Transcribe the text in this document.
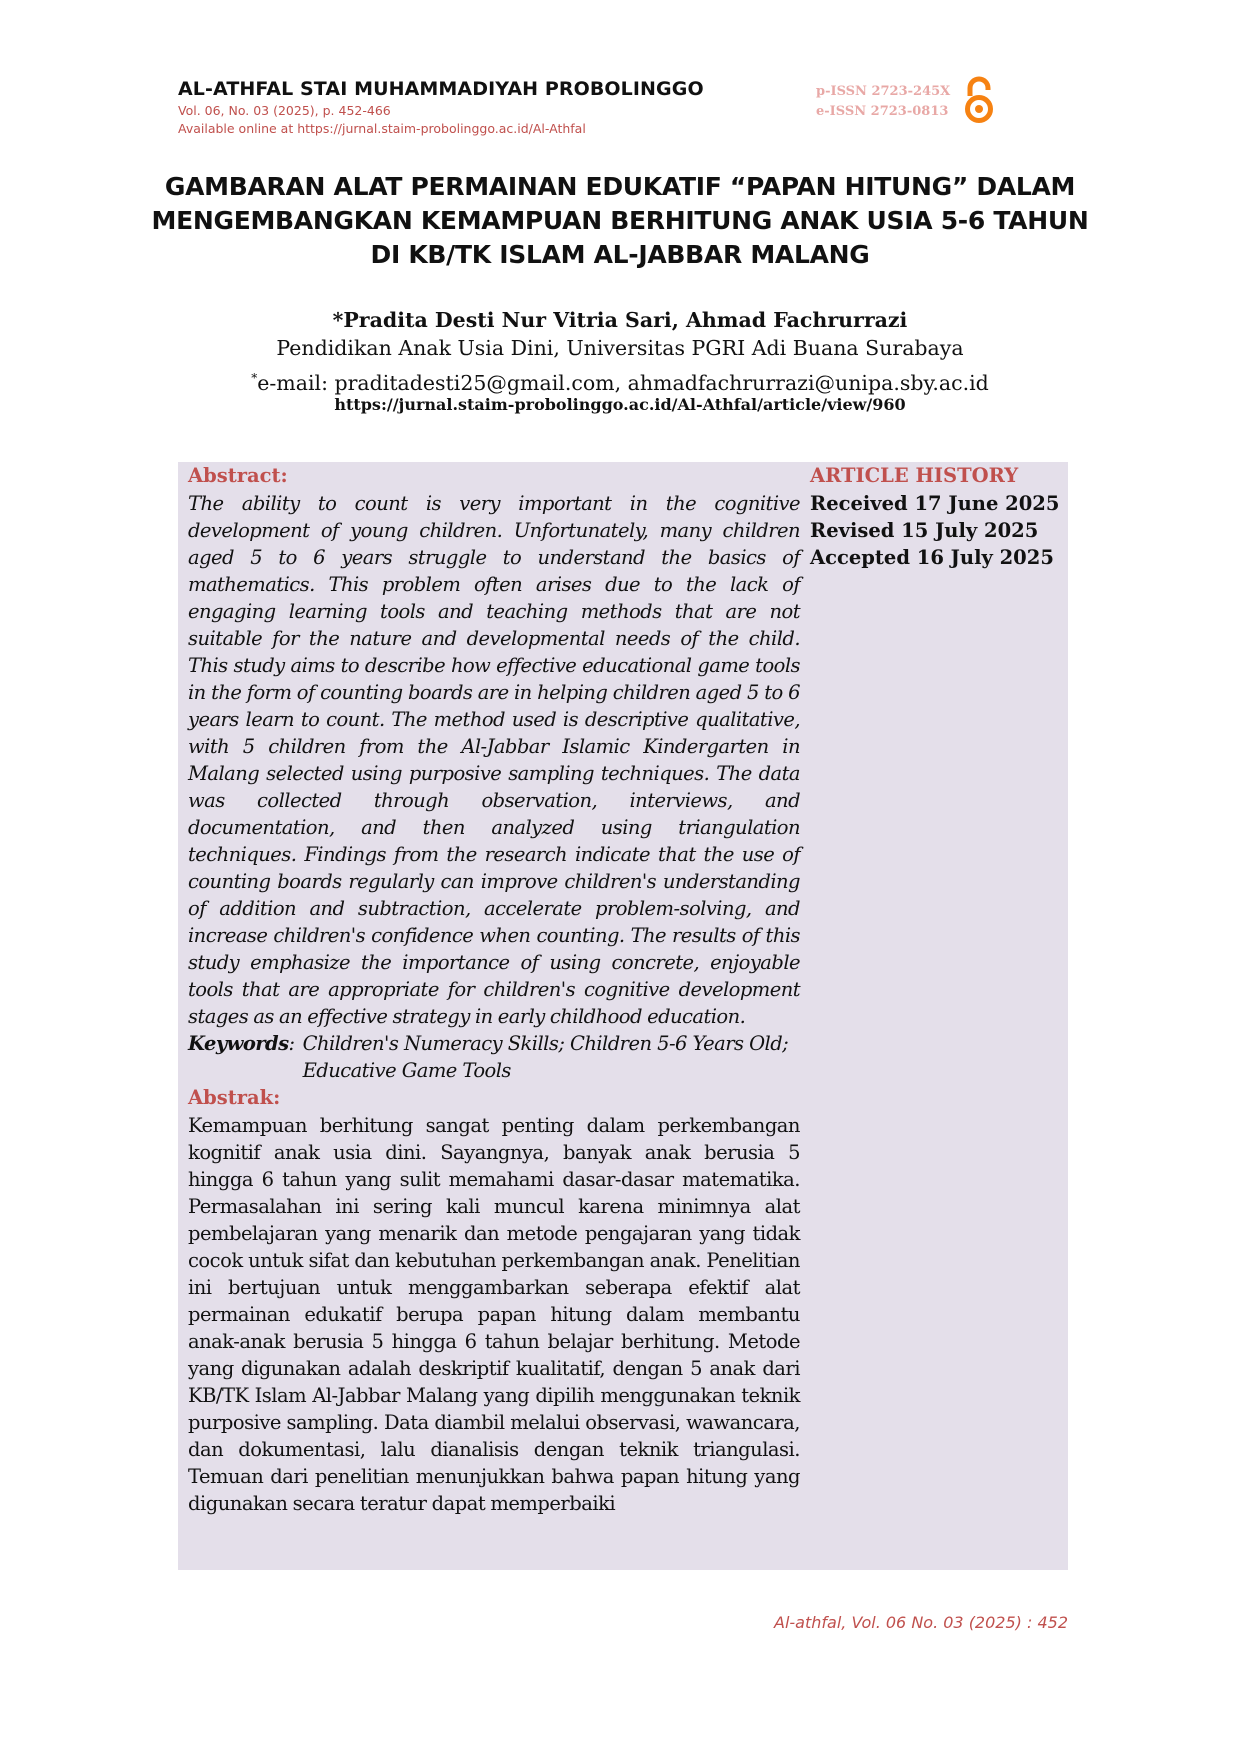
AL-ATHFAL STAI MUHAMMADIYAH PROBOLINGGO

Vol. 06, No. 03 (2025), p. 452-466

Available online at https://jurnal.staim-probolinggo.ac.id/Al-Athfal

p-ISSN 2723-245X
e-ISSN 2723-0813
GAMBARAN ALAT PERMAINAN EDUKATIF “PAPAN HITUNG” DALAM MENGEMBANGKAN KEMAMPUAN BERHITUNG ANAK USIA 5-6 TAHUN DI KB/TK ISLAM AL-JABBAR MALANG

*Pradita Desti Nur Vitria Sari, Ahmad Fachrurrazi

Pendidikan Anak Usia Dini, Universitas PGRI Adi Buana Surabaya

*e-mail: praditadesti25@gmail.com, ahmadfachrurrazi@unipa.sby.ac.id

https://jurnal.staim-probolinggo.ac.id/Al-Athfal/article/view/960

Abstract:

The ability to count is very important in the cognitive development of young children. Unfortunately, many children aged 5 to 6 years struggle to understand the basics of mathematics. This problem often arises due to the lack of engaging learning tools and teaching methods that are not suitable for the nature and developmental needs of the child. This study aims to describe how effective educational game tools in the form of counting boards are in helping children aged 5 to 6 years learn to count. The method used is descriptive qualitative, with 5 children from the Al-Jabbar Islamic Kindergarten in Malang selected using purposive sampling techniques. The data was collected through observation, interviews, and documentation, and then analyzed using triangulation techniques. Findings from the research indicate that the use of counting boards regularly can improve children's understanding of addition and subtraction, accelerate problem-solving, and increase children's confidence when counting. The results of this study emphasize the importance of using concrete, enjoyable tools that are appropriate for children's cognitive development stages as an effective strategy in early childhood education.

Keywords: Children's Numeracy Skills; Children 5-6 Years Old; Educative Game Tools

Abstrak:

Kemampuan berhitung sangat penting dalam perkembangan kognitif anak usia dini. Sayangnya, banyak anak berusia 5 hingga 6 tahun yang sulit memahami dasar-dasar matematika. Permasalahan ini sering kali muncul karena minimnya alat pembelajaran yang menarik dan metode pengajaran yang tidak cocok untuk sifat dan kebutuhan perkembangan anak. Penelitian ini bertujuan untuk menggambarkan seberapa efektif alat permainan edukatif berupa papan hitung dalam membantu anak-anak berusia 5 hingga 6 tahun belajar berhitung. Metode yang digunakan adalah deskriptif kualitatif, dengan 5 anak dari KB/TK Islam Al-Jabbar Malang yang dipilih menggunakan teknik purposive sampling. Data diambil melalui observasi, wawancara, dan dokumentasi, lalu dianalisis dengan teknik triangulasi. Temuan dari penelitian menunjukkan bahwa papan hitung yang digunakan secara teratur dapat memperbaiki

ARTICLE HISTORY

Received 17 June 2025

Revised 15 July 2025

Accepted 16 July 2025

Al-athfal, Vol. 06 No. 03 (2025) : 452
